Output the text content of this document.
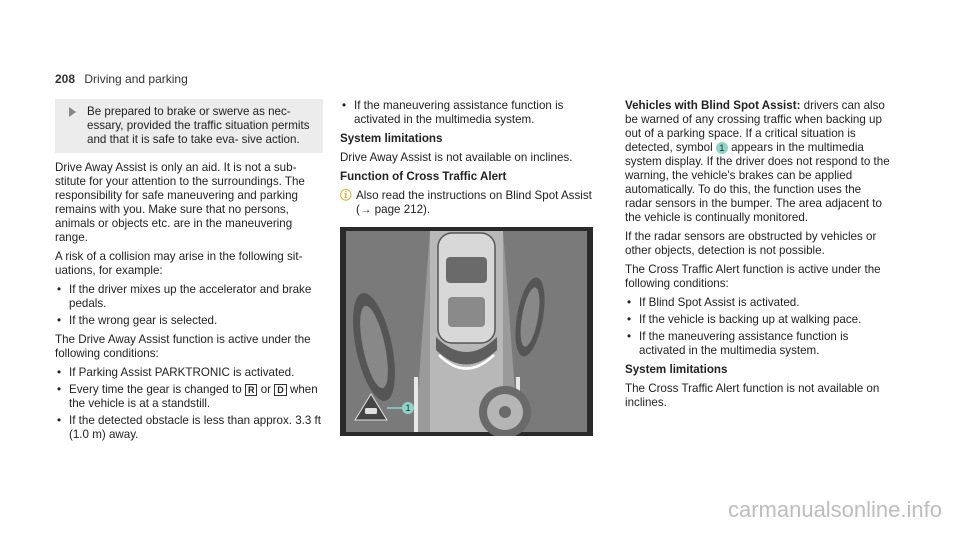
208 Driving and parking
Be prepared to brake or swerve as nec- essary, provided the traffic situation permits and that it is safe to take eva- sive action.

Drive Away Assist is only an aid. It is not a sub- stitute for your attention to the surroundings. The responsibility for safe maneuvering and parking remains with you. Make sure that no persons, animals or objects etc. are in the maneuvering range.

A risk of a collision may arise in the following sit- uations, for example:

• If the driver mixes up the accelerator and brake pedals.
• If the wrong gear is selected.

The Drive Away Assist function is active under the following conditions:

• If Parking Assist PARKTRONIC is activated.
• Every time the gear is changed to R or D when the vehicle is at a standstill.
• If the detected obstacle is less than approx. 3.3 ft (1.0 m) away.
• If the maneuvering assistance function is activated in the multimedia system.

System limitations

Drive Away Assist is not available on inclines.

Function of Cross Traffic Alert

ⓘ Also read the instructions on Blind Spot Assist (→ page 212).
1

Vehicles with Blind Spot Assist: drivers can also be warned of any crossing traffic when backing up out of a parking space. If a critical situation is detected, symbol 1 appears in the multimedia system display. If the driver does not respond to the warning, the vehicle's brakes can be applied automatically. To do this, the function uses the radar sensors in the bumper. The area adjacent to the vehicle is continually monitored.

If the radar sensors are obstructed by vehicles or other objects, detection is not possible.

The Cross Traffic Alert function is active under the following conditions:

• If Blind Spot Assist is activated.
• If the vehicle is backing up at walking pace.
• If the maneuvering assistance function is activated in the multimedia system.

System limitations

The Cross Traffic Alert function is not available on inclines.

carmanualsonline.info
